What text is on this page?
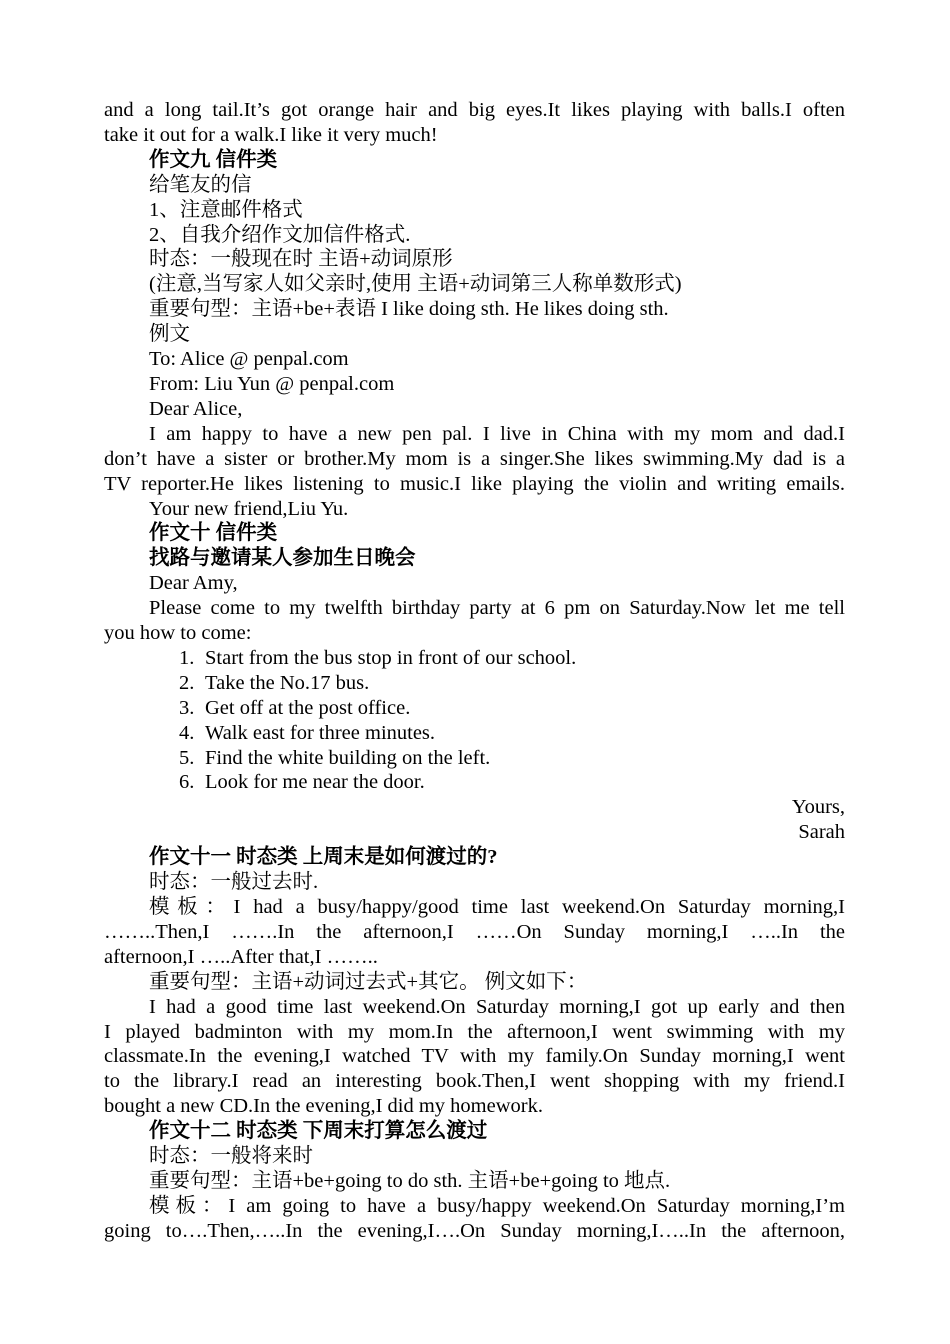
and a long tail.It’s got orange hair and big eyes.It likes playing with balls.I often

take it out for a walk.I like it very much!

作文九 信件类

给笔友的信

1、注意邮件格式

2、自我介绍作文加信件格式.

时态：一般现在时 主语+动词原形

(注意,当写家人如父亲时,使用 主语+动词第三人称单数形式)

重要句型：主语+be+表语 I like doing sth. He likes doing sth.

例文

To: Alice @ penpal.com

From: Liu Yun @ penpal.com

Dear Alice,

I am happy to have a new pen pal. I live in China with my mom and dad.I

don’t have a sister or brother.My mom is a singer.She likes swimming.My dad is a

TV reporter.He likes listening to music.I like playing the violin and writing emails.

Your new friend,Liu Yu.

作文十 信件类

找路与邀请某人参加生日晚会

Dear Amy,

Please come to my twelfth birthday party at 6 pm on Saturday.Now let me tell

you how to come:

1. Start from the bus stop in front of our school.
2. Take the No.17 bus.
3. Get off at the post office.
4. Walk east for three minutes.
5. Find the white building on the left.
6. Look for me near the door.

Yours,

Sarah

作文十一 时态类 上周末是如何渡过的?

时态：一般过去时.

模板：I had a busy/happy/good time last weekend.On Saturday morning,I

……..Then,I …….In the afternoon,I ……On Sunday morning,I …..In the

afternoon,I …..After that,I ……..

重要句型：主语+动词过去式+其它。 例文如下：

I had a good time last weekend.On Saturday morning,I got up early and then

I played badminton with my mom.In the afternoon,I went swimming with my

classmate.In the evening,I watched TV with my family.On Sunday morning,I went

to the library.I read an interesting book.Then,I went shopping with my friend.I

bought a new CD.In the evening,I did my homework.

作文十二 时态类 下周末打算怎么渡过

时态：一般将来时

重要句型：主语+be+going to do sth. 主语+be+going to 地点.

模板：I am going to have a busy/happy weekend.On Saturday morning,I’m

going to….Then,…..In the evening,I….On Sunday morning,I…..In the afternoon,
